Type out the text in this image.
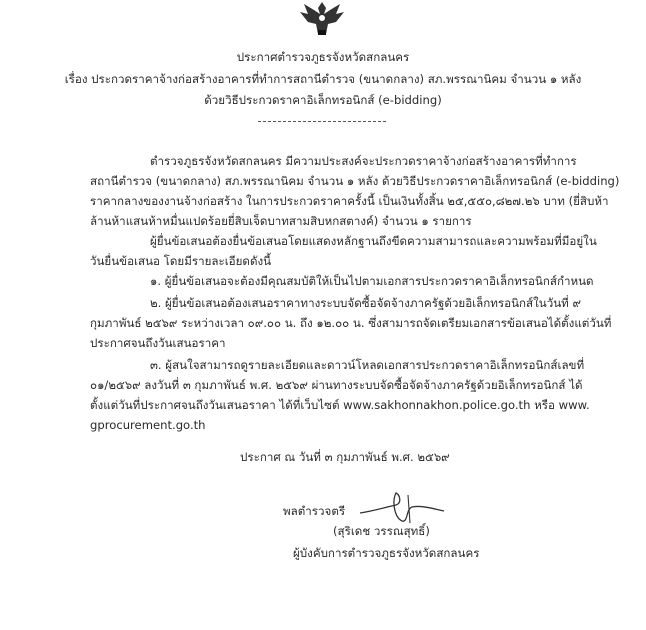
ประกาศตำรวจภูธรจังหวัดสกลนคร
เรื่อง ประกวดราคาจ้างก่อสร้างอาคารที่ทำการสถานีตำรวจ (ขนาดกลาง) สภ.พรรณานิคม จำนวน ๑ หลัง
ด้วยวิธีประกวดราคาอิเล็กทรอนิกส์ (e-bidding)
ตำรวจภูธรจังหวัดสกลนคร มีความประสงค์จะประกวดราคาจ้างก่อสร้างอาคารที่ทำการ
สถานีตำรวจ (ขนาดกลาง) สภ.พรรณานิคม จำนวน ๑ หลัง ด้วยวิธีประกวดราคาอิเล็กทรอนิกส์ (e-bidding)
ราคากลางของงานจ้างก่อสร้าง ในการประกวดราคาครั้งนี้ เป็นเงินทั้งสิ้น ๒๕,๕๕๐,๘๒๗.๒๖ บาท (ยี่สิบห้า
ล้านห้าแสนห้าหมื่นแปดร้อยยี่สิบเจ็ดบาทสามสิบหกสตางค์) จำนวน ๑ รายการ
ผู้ยื่นข้อเสนอต้องยื่นข้อเสนอโดยแสดงหลักฐานถึงขีดความสามารถและความพร้อมที่มีอยู่ใน
วันยื่นข้อเสนอ โดยมีรายละเอียดดังนี้
๑. ผู้ยื่นข้อเสนอจะต้องมีคุณสมบัติให้เป็นไปตามเอกสารประกวดราคาอิเล็กทรอนิกส์กำหนด
๒. ผู้ยื่นข้อเสนอต้องเสนอราคาทางระบบจัดซื้อจัดจ้างภาครัฐด้วยอิเล็กทรอนิกส์ในวันที่ ๙
กุมภาพันธ์ ๒๕๖๙ ระหว่างเวลา ๐๙.๐๐ น. ถึง ๑๒.๐๐ น. ซึ่งสามารถจัดเตรียมเอกสารข้อเสนอได้ตั้งแต่วันที่
ประกาศจนถึงวันเสนอราคา
๓. ผู้สนใจสามารถดูรายละเอียดและดาวน์โหลดเอกสารประกวดราคาอิเล็กทรอนิกส์เลขที่
๐๑/๒๕๖๙ ลงวันที่ ๓ กุมภาพันธ์ พ.ศ. ๒๕๖๙ ผ่านทางระบบจัดซื้อจัดจ้างภาครัฐด้วยอิเล็กทรอนิกส์ ได้
ตั้งแต่วันที่ประกาศจนถึงวันเสนอราคา ได้ที่เว็บไซต์ www.sakhonnakhon.police.go.th หรือ www.
gprocurement.go.th
ประกาศ ณ วันที่ ๓ กุมภาพันธ์ พ.ศ. ๒๕๖๙
พลตำรวจตรี
(สุริเดช วรรณสุทธิ์)
ผู้บังคับการตำรวจภูธรจังหวัดสกลนคร
